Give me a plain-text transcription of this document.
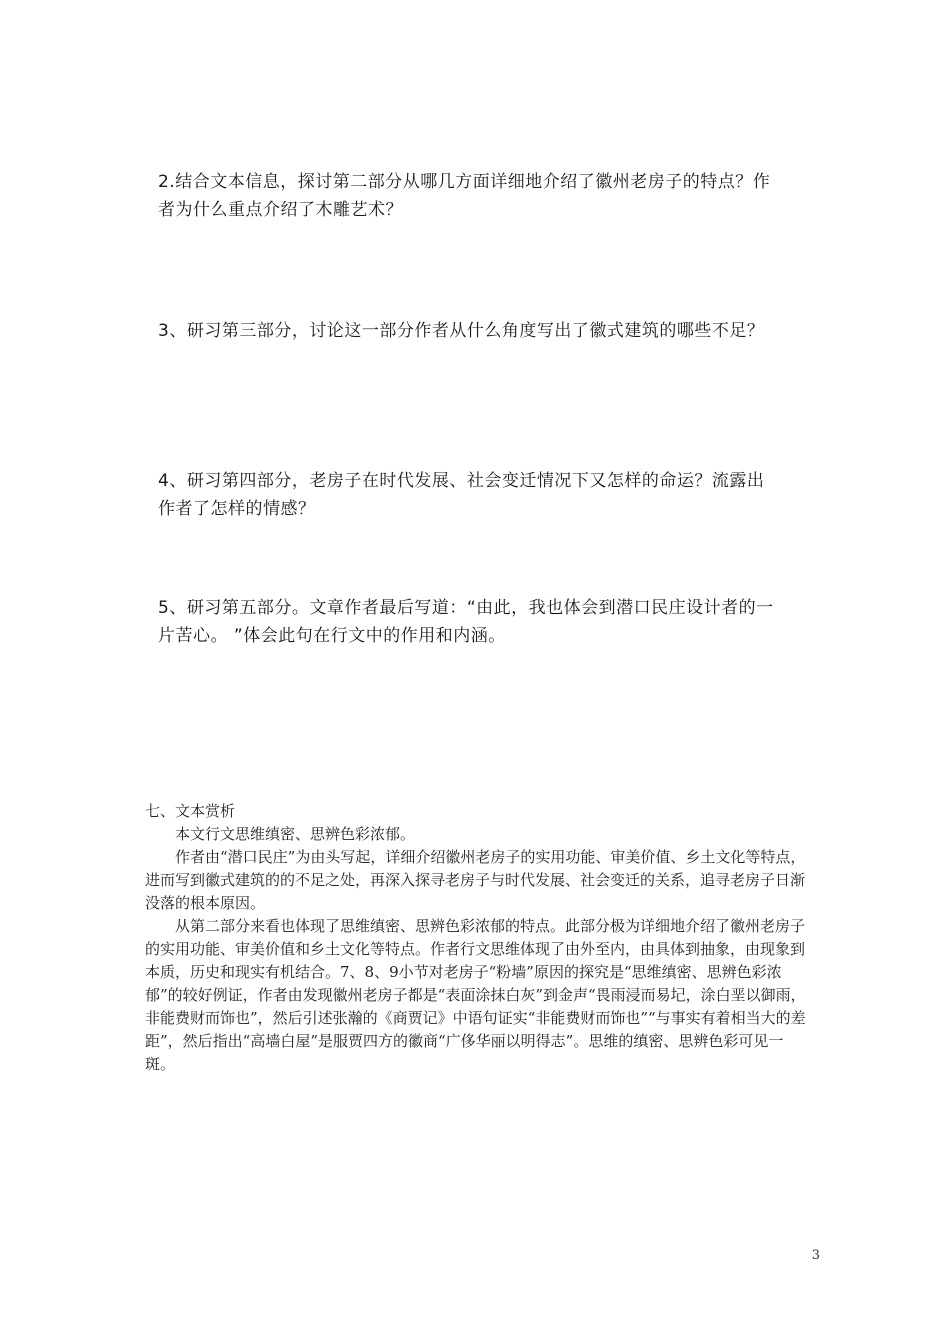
2.结合文本信息，探讨第二部分从哪几方面详细地介绍了徽州老房子的特点？作

者为什么重点介绍了木雕艺术？

3、研习第三部分，讨论这一部分作者从什么角度写出了徽式建筑的哪些不足？

4、研习第四部分，老房子在时代发展、社会变迁情况下又怎样的命运？流露出

作者了怎样的情感？

5、研习第五部分。文章作者最后写道：“由此，我也体会到潜口民庄设计者的一

片苦心。 ”体会此句在行文中的作用和内涵。

七、文本赏析

本文行文思维缜密、思辨色彩浓郁。

作者由“潜口民庄”为由头写起，详细介绍徽州老房子的实用功能、审美价值、乡土文化等特点，进而写到徽式建筑的的不足之处，再深入探寻老房子与时代发展、社会变迁的关系，追寻老房子日渐没落的根本原因。

从第二部分来看也体现了思维缜密、思辨色彩浓郁的特点。此部分极为详细地介绍了徽州老房子的实用功能、审美价值和乡土文化等特点。作者行文思维体现了由外至内，由具体到抽象，由现象到本质，历史和现实有机结合。7、8、9小节对老房子“粉墙”原因的探究是“思维缜密、思辨色彩浓郁”的较好例证，作者由发现徽州老房子都是“表面涂抹白灰”到金声“畏雨浸而易圮，涂白垩以御雨，非能费财而饰也”，然后引述张瀚的《商贾记》中语句证实“非能费财而饰也”“与事实有着相当大的差距”，然后指出“高墙白屋”是服贾四方的徽商“广侈华丽以明得志”。思维的缜密、思辨色彩可见一斑。

3
